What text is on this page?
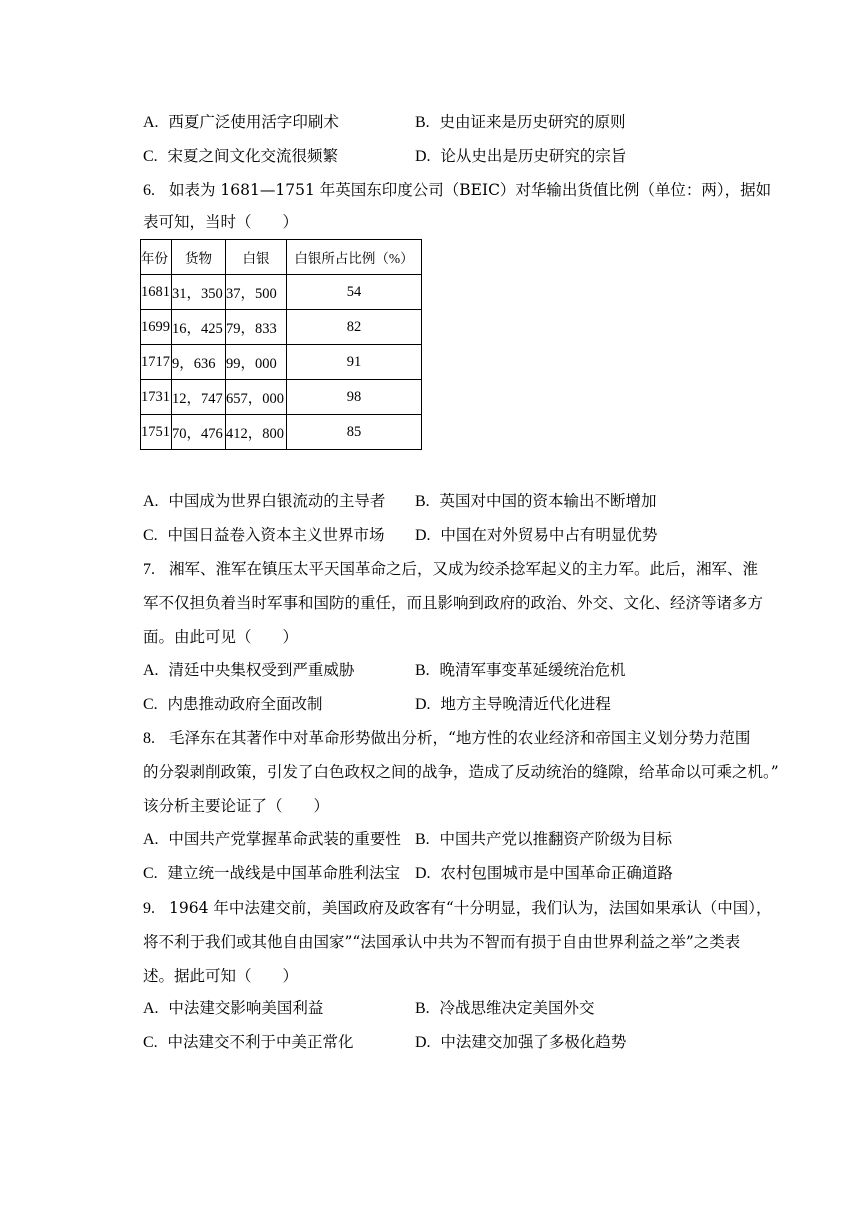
A. 西夏广泛使用活字印刷术	B. 史由证来是历史研究的原则
C. 宋夏之间文化交流很频繁	D. 论从史出是历史研究的宗旨
6. 如表为 1681—1751 年英国东印度公司（BEIC）对华输出货值比例（单位：两），据如
表可知，当时（　　）
年份	货物	白银	白银所占比例（%）
1681	31，350	37，500	54
1699	16，425	79，833	82
1717	9，636	99，000	91
1731	12，747	657，000	98
1751	70，476	412，800	85
A. 中国成为世界白银流动的主导者 B. 英国对中国的资本输出不断增加
C. 中国日益卷入资本主义世界市场 D. 中国在对外贸易中占有明显优势
7. 湘军、淮军在镇压太平天国革命之后，又成为绞杀捻军起义的主力军。此后，湘军、淮
军不仅担负着当时军事和国防的重任，而且影响到政府的政治、外交、文化、经济等诸多方
面。由此可见（　　）
A. 清廷中央集权受到严重威胁	B. 晚清军事变革延缓统治危机
C. 内患推动政府全面改制	D. 地方主导晚清近代化进程
8. 毛泽东在其著作中对革命形势做出分析，“地方性的农业经济和帝国主义划分势力范围
的分裂剥削政策，引发了白色政权之间的战争，造成了反动统治的缝隙，给革命以可乘之机。”
该分析主要论证了（　　）
A. 中国共产党掌握革命武装的重要性 B. 中国共产党以推翻资产阶级为目标
C. 建立统一战线是中国革命胜利法宝 D. 农村包围城市是中国革命正确道路
9. 1964 年中法建交前，美国政府及政客有“十分明显，我们认为，法国如果承认（中国），
将不利于我们或其他自由国家”“法国承认中共为不智而有损于自由世界利益之举”之类表
述。据此可知（　　）
A. 中法建交影响美国利益	B. 冷战思维决定美国外交
C. 中法建交不利于中美正常化	D. 中法建交加强了多极化趋势
